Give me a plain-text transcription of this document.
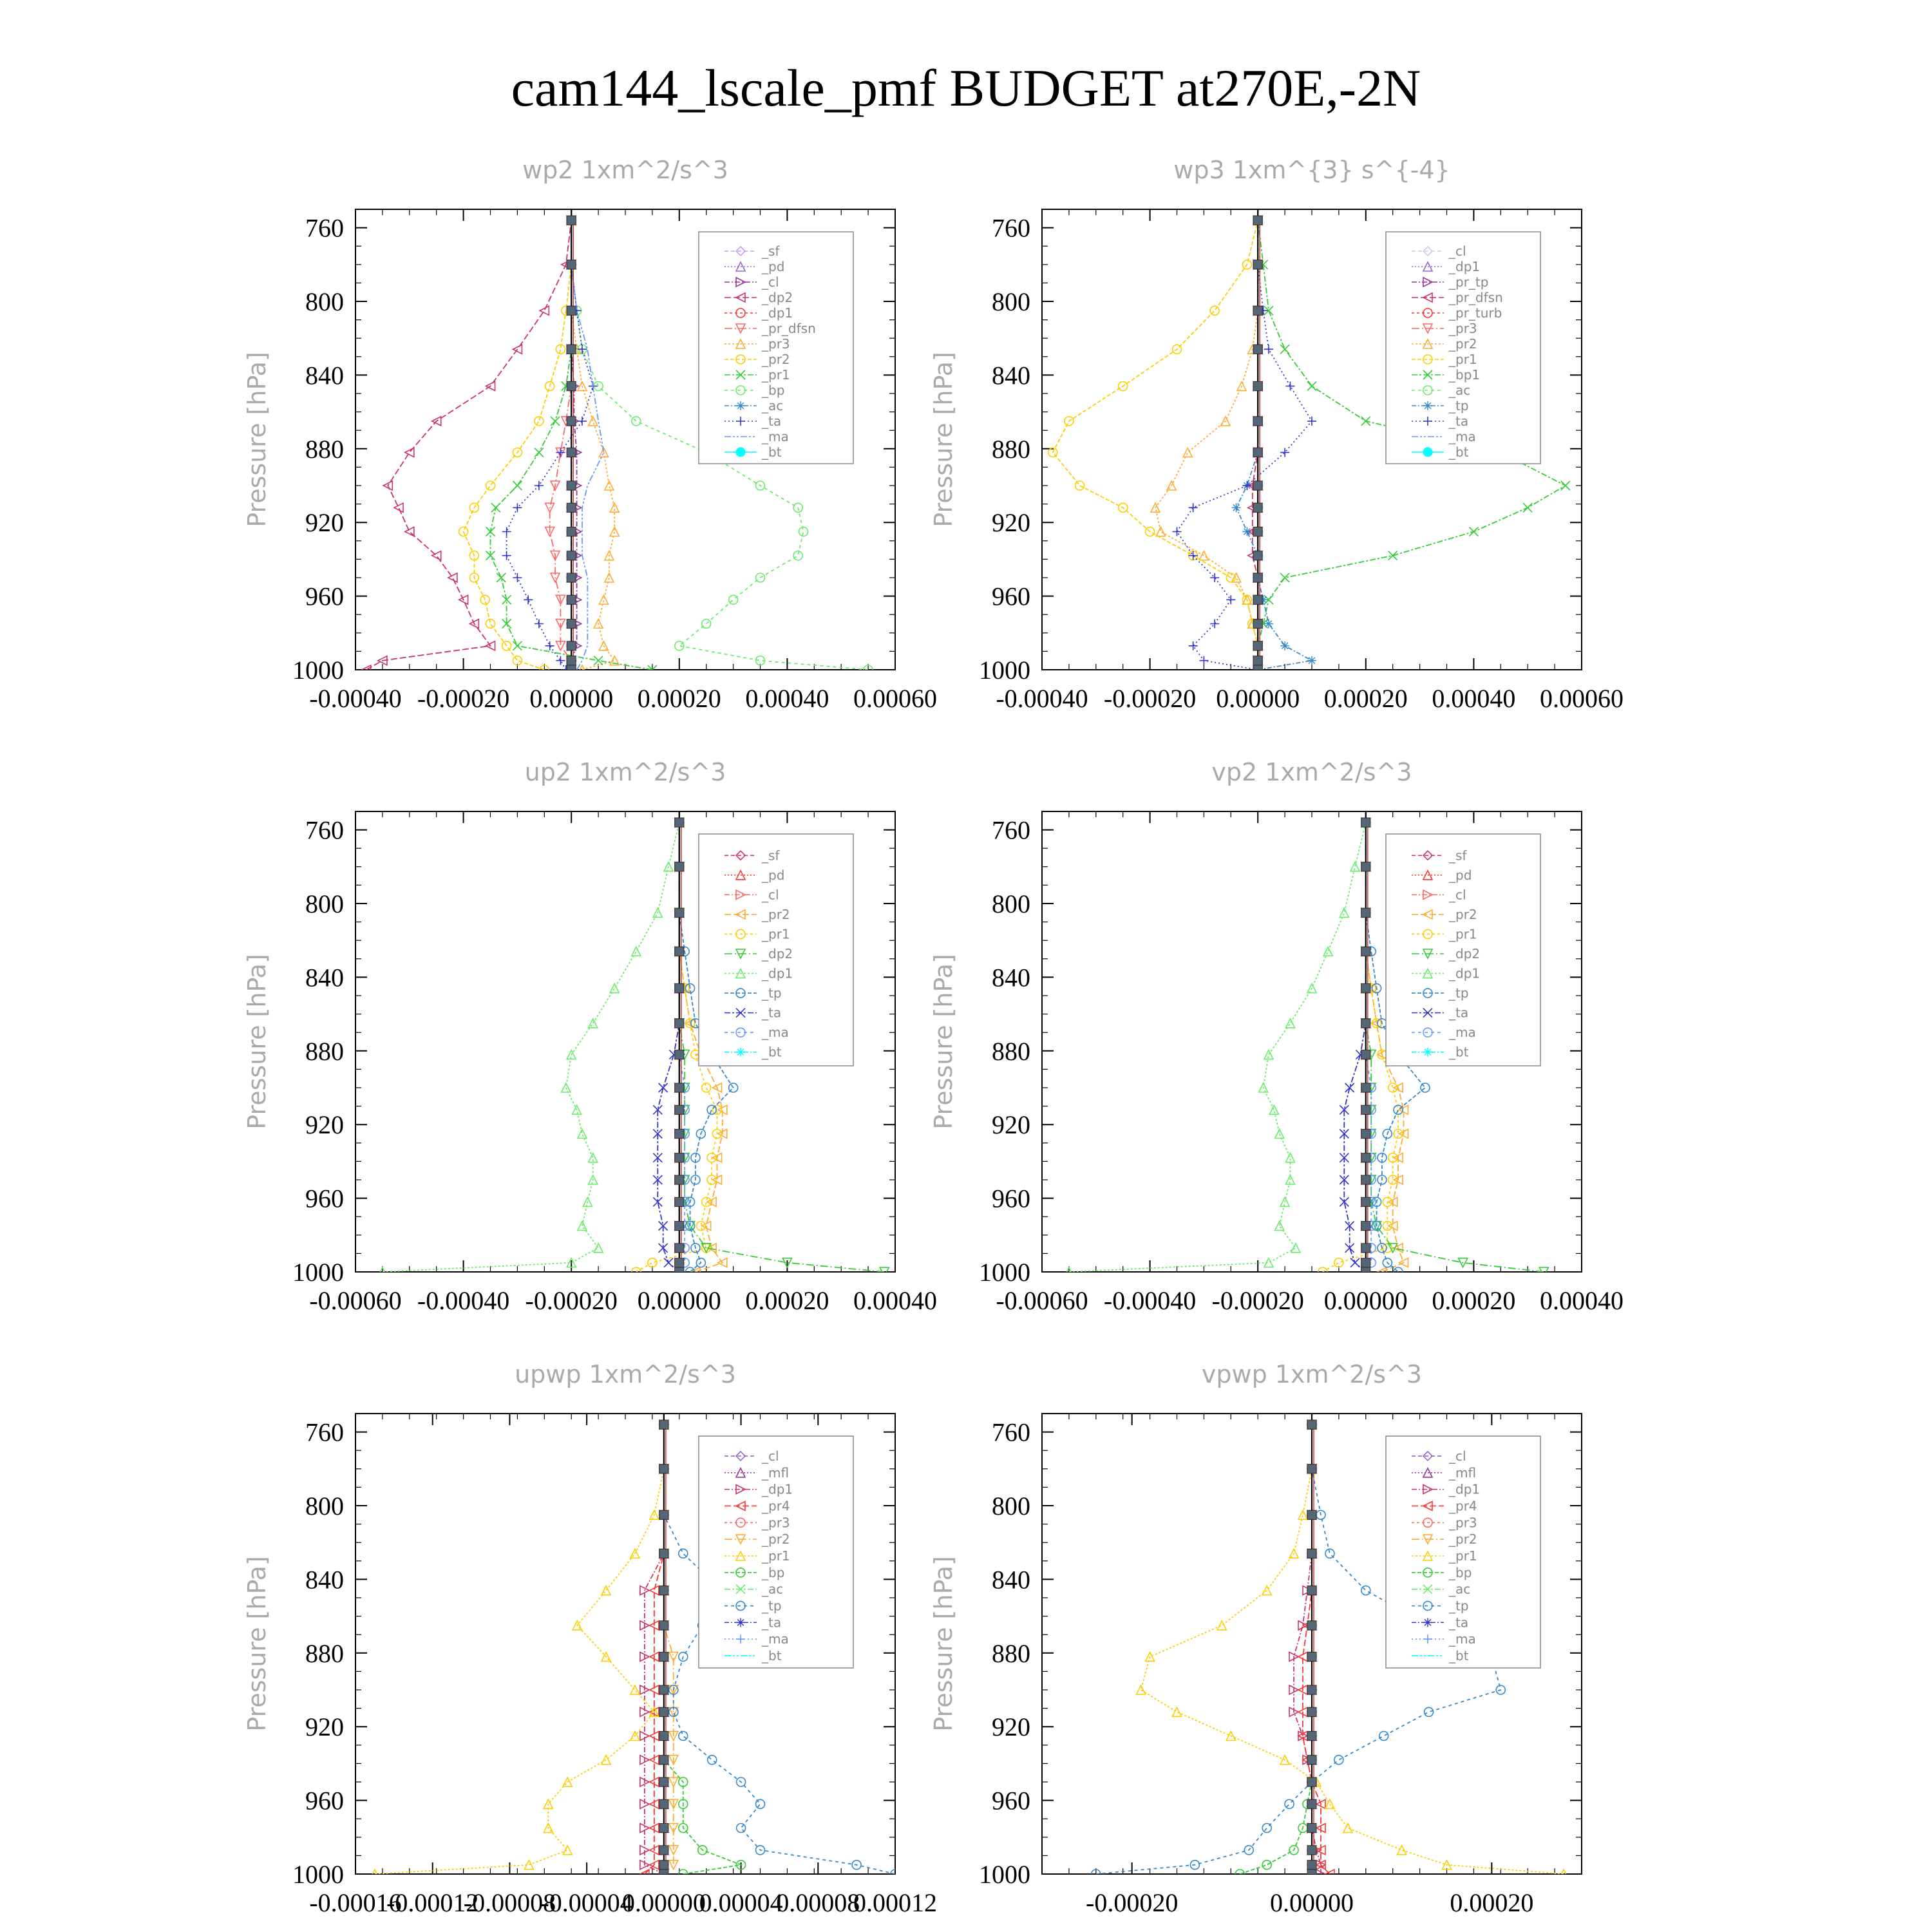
cam144_lscale_pmf BUDGET at270E,-2N
wp2 1xm^2/s^3
Pressure [hPa]
760
800
840
880
920
960
1000
-0.00040 -0.00020 0.00000 0.00020 0.00040 0.00060
_sf
_pd
_cl
_dp2
_dp1
_pr_dfsn
_pr3
_pr2
_pr1
_bp
_ac
_ta
_ma
_bt
wp3 1xm^{3} s^{-4}
Pressure [hPa]
760
800
840
880
920
960
1000
-0.00040 -0.00020 0.00000 0.00020 0.00040 0.00060
_cl
_dp1
_pr_tp
_pr_dfsn
_pr_turb
_pr3
_pr2
_pr1
_bp1
_ac
_tp
_ta
_ma
_bt
up2 1xm^2/s^3
Pressure [hPa]
760
800
840
880
920
960
1000
-0.00060 -0.00040 -0.00020 0.00000 0.00020 0.00040
_sf
_pd
_cl
_pr2
_pr1
_dp2
_dp1
_tp
_ta
_ma
_bt
vp2 1xm^2/s^3
Pressure [hPa]
760
800
840
880
920
960
1000
-0.00060 -0.00040 -0.00020 0.00000 0.00020 0.00040
_sf
_pd
_cl
_pr2
_pr1
_dp2
_dp1
_tp
_ta
_ma
_bt
upwp 1xm^2/s^3
Pressure [hPa]
760
800
840
880
920
960
1000
-0.00016
-0.00012
-0.00008
-0.00004
0.00000
0.00004
0.00008
0.00012
_cl
_mfl
_dp1
_pr4
_pr3
_pr2
_pr1
_bp
_ac
_tp
_ta
_ma
_bt
vpwp 1xm^2/s^3
Pressure [hPa]
760
800
840
880
920
960
1000
-0.00020	0.00000	0.00020
_cl
_mfl
_dp1
_pr4
_pr3
_pr2
_pr1
_bp
_ac
_tp
_ta
_ma
_bt
